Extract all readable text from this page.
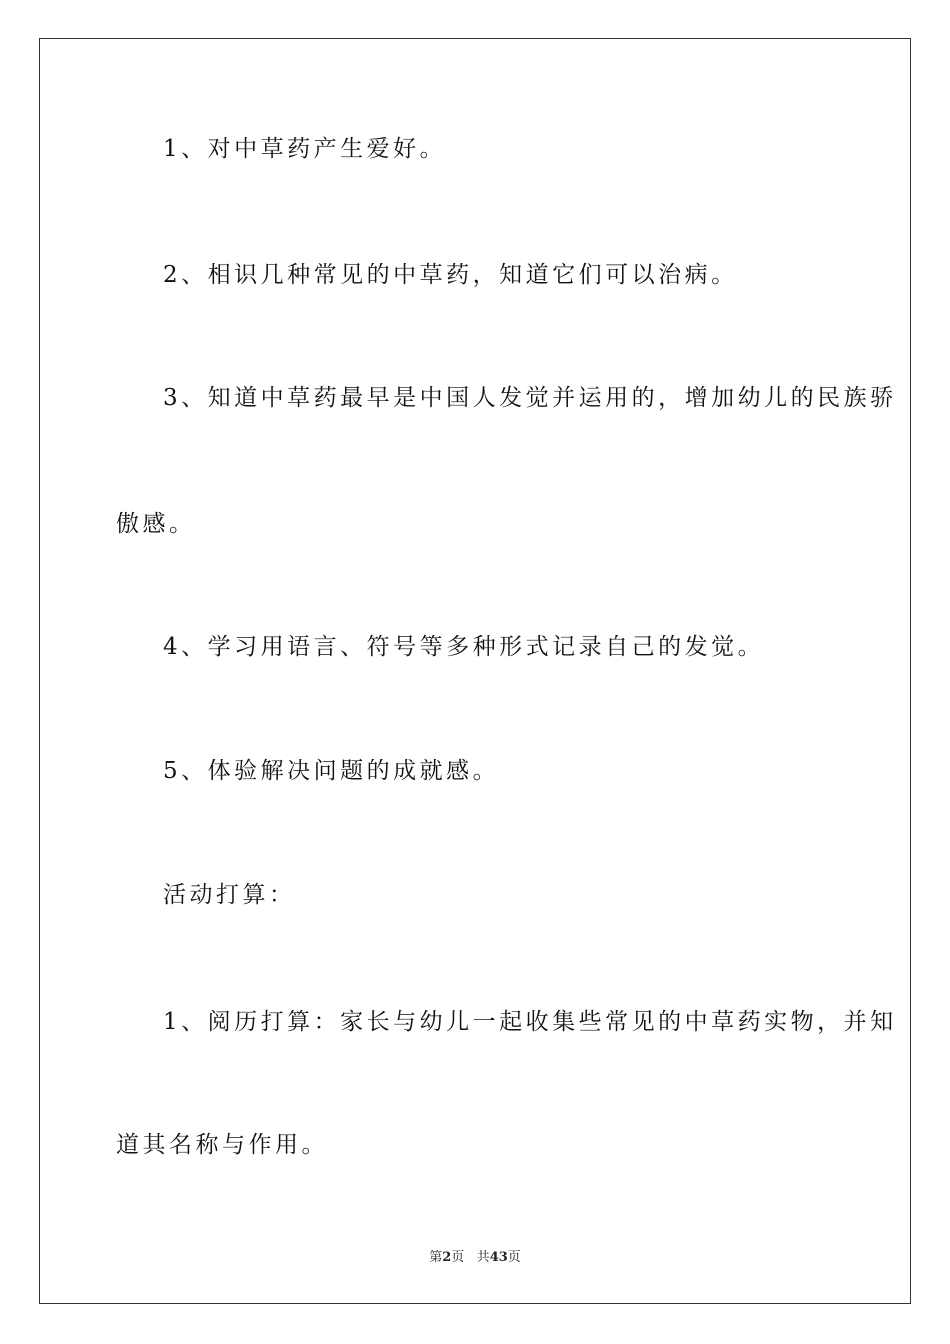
1、对中草药产生爱好。
2、相识几种常见的中草药，知道它们可以治病。
3、知道中草药最早是中国人发觉并运用的，增加幼儿的民族骄
傲感。
4、学习用语言、符号等多种形式记录自己的发觉。
5、体验解决问题的成就感。
活动打算：
1、阅历打算：家长与幼儿一起收集些常见的中草药实物，并知
道其名称与作用。
第2页 共43页
